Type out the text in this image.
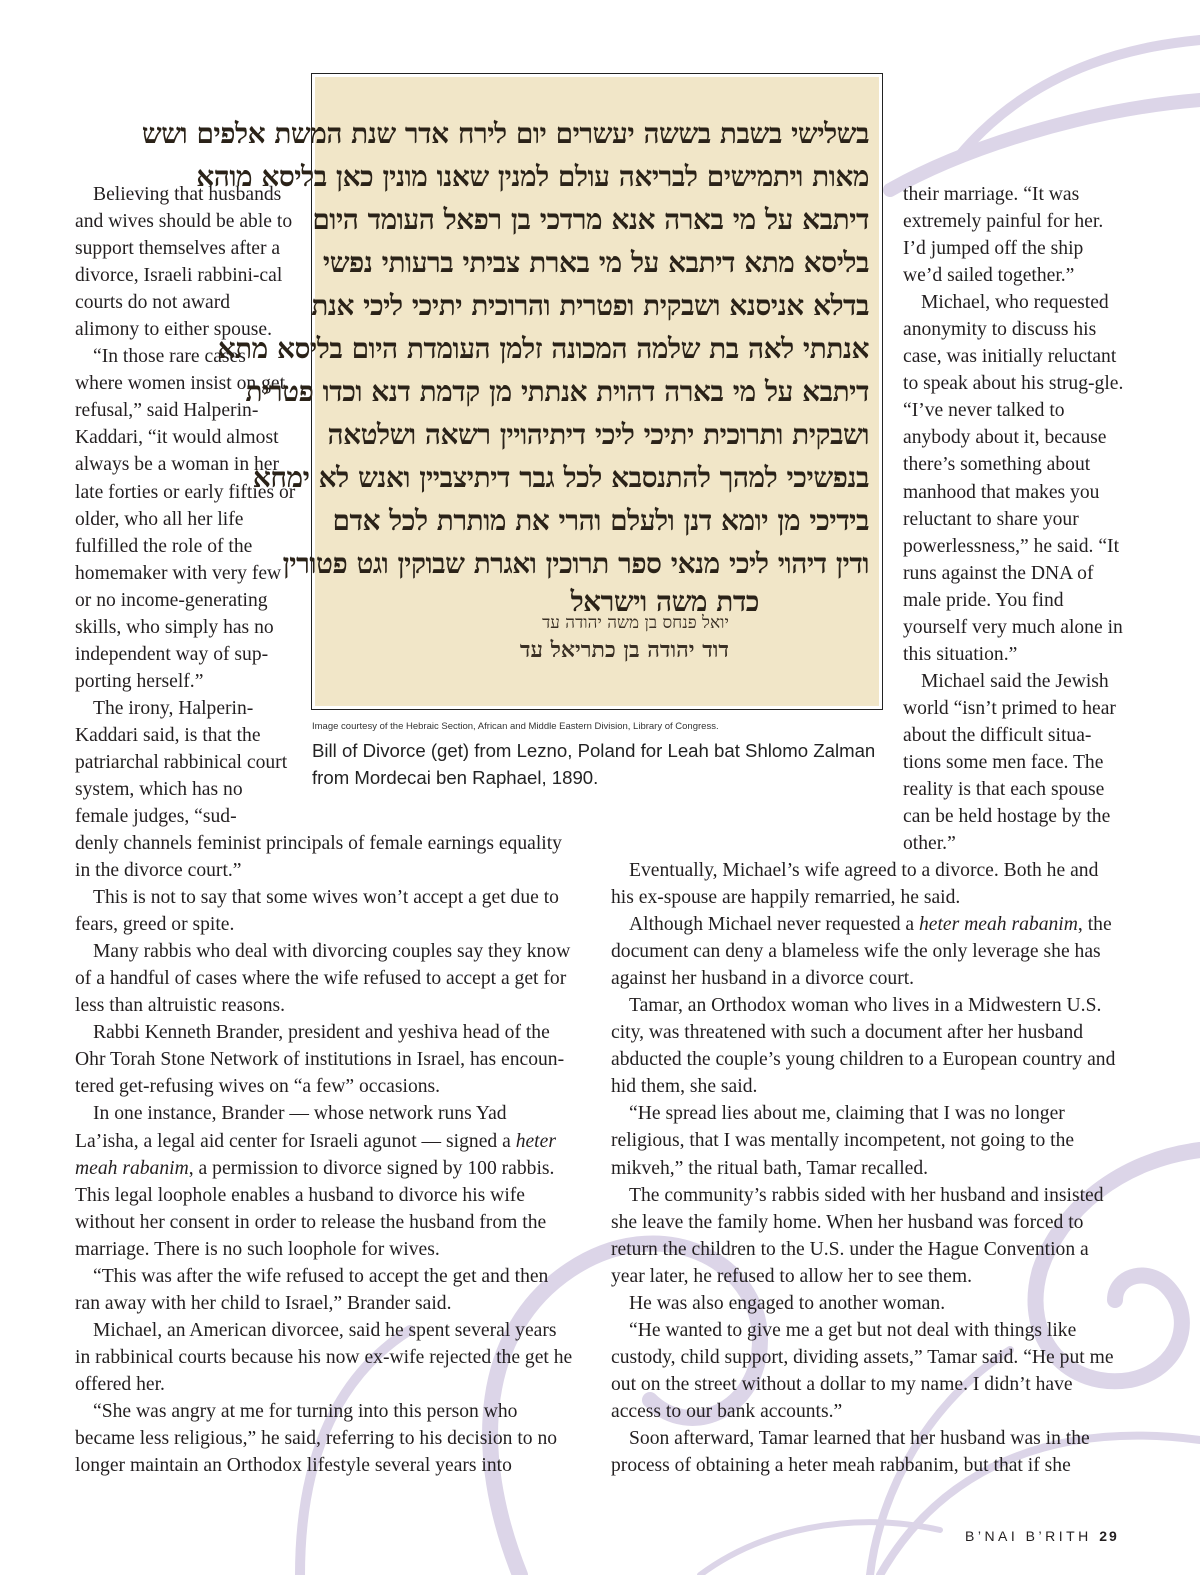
Believing that husbands and wives should be able to support themselves after a divorce, Israeli rabbini-cal courts do not award alimony to either spouse.

“In those rare cases where women insist on get refusal,” said Halperin-Kaddari, “it would almost always be a woman in her late forties or early fifties or older, who all her life fulfilled the role of the homemaker with very few or no income-generating skills, who simply has no independent way of sup-porting herself.”

The irony, Halperin-Kaddari said, is that the patriarchal rabbinical court system, which has no female judges, “sud-

בשלישי בשבת בששה יעשרים יום לירח אדר שנת המשת אלפים ושש
מאות ויתמישים לבריאה עולם למנין שאנו מונין כאן בליסא מוהא
דיתבא על מי בארה אנא מרדכי בן רפאל העומד היום
בליסא מתא דיתבא על מי בארת צביתי ברעותי נפשי
בדלא אניסנא ושבקית ופטרית והרוכית יתיכי ליכי אנת
אנתתי לאה בת שלמה המכונה זלמן העומדת היום בליסא מתא
דיתבא על מי בארה דהוית אנתתי מן קדמת דנא וכדו פטרית
ושבקית ותרוכית יתיכי ליכי דיתיהויין רשאה ושלטאה
בנפשיכי למהך להתנסבא לכל גבר דיתיצביין ואנש לא ימחא
בידיכי מן יומא דנן ולעלם והרי את מותרת לכל אדם
ודין דיהוי ליכי מנאי ספר תרוכין ואגרת שבוקין וגט פטורין
כדת משה וישראל
יואל פנחס בן משה יהודה עד
דוד יהודה בן כתריאל עד
Image courtesy of the Hebraic Section, African and Middle Eastern Division, Library of Congress.
Bill of Divorce (get) from Lezno, Poland for Leah bat Shlomo Zalman from Mordecai ben Raphael, 1890.

their marriage. “It was extremely painful for her. I’d jumped off the ship we’d sailed together.”

Michael, who requested anonymity to discuss his case, was initially reluctant to speak about his strug-gle. “I’ve never talked to anybody about it, because there’s something about manhood that makes you reluctant to share your powerlessness,” he said. “It runs against the DNA of male pride. You find yourself very much alone in this situation.”

Michael said the Jewish world “isn’t primed to hear about the difficult situa-tions some men face. The reality is that each spouse can be held hostage by the other.”

denly channels feminist principals of female earnings equality in the divorce court.”

This is not to say that some wives won’t accept a get due to fears, greed or spite.

Many rabbis who deal with divorcing couples say they know of a handful of cases where the wife refused to accept a get for less than altruistic reasons.

Rabbi Kenneth Brander, president and yeshiva head of the Ohr Torah Stone Network of institutions in Israel, has encoun-tered get-refusing wives on “a few” occasions.

In one instance, Brander — whose network runs Yad La’isha, a legal aid center for Israeli agunot — signed a heter meah rabanim, a permission to divorce signed by 100 rabbis. This legal loophole enables a husband to divorce his wife without her consent in order to release the husband from the marriage. There is no such loophole for wives.

“This was after the wife refused to accept the get and then ran away with her child to Israel,” Brander said.

Michael, an American divorcee, said he spent several years in rabbinical courts because his now ex-wife rejected the get he offered her.

“She was angry at me for turning into this person who became less religious,” he said, referring to his decision to no longer maintain an Orthodox lifestyle several years into

Eventually, Michael’s wife agreed to a divorce. Both he and his ex-spouse are happily remarried, he said.

Although Michael never requested a heter meah rabanim, the document can deny a blameless wife the only leverage she has against her husband in a divorce court.

Tamar, an Orthodox woman who lives in a Midwestern U.S. city, was threatened with such a document after her husband abducted the couple’s young children to a European country and hid them, she said.

“He spread lies about me, claiming that I was no longer religious, that I was mentally incompetent, not going to the mikveh,” the ritual bath, Tamar recalled.

The community’s rabbis sided with her husband and insisted she leave the family home. When her husband was forced to return the children to the U.S. under the Hague Convention a year later, he refused to allow her to see them.

He was also engaged to another woman.

“He wanted to give me a get but not deal with things like custody, child support, dividing assets,” Tamar said. “He put me out on the street without a dollar to my name. I didn’t have access to our bank accounts.”

Soon afterward, Tamar learned that her husband was in the process of obtaining a heter meah rabbanim, but that if she

B’NAI B’RITH 29
